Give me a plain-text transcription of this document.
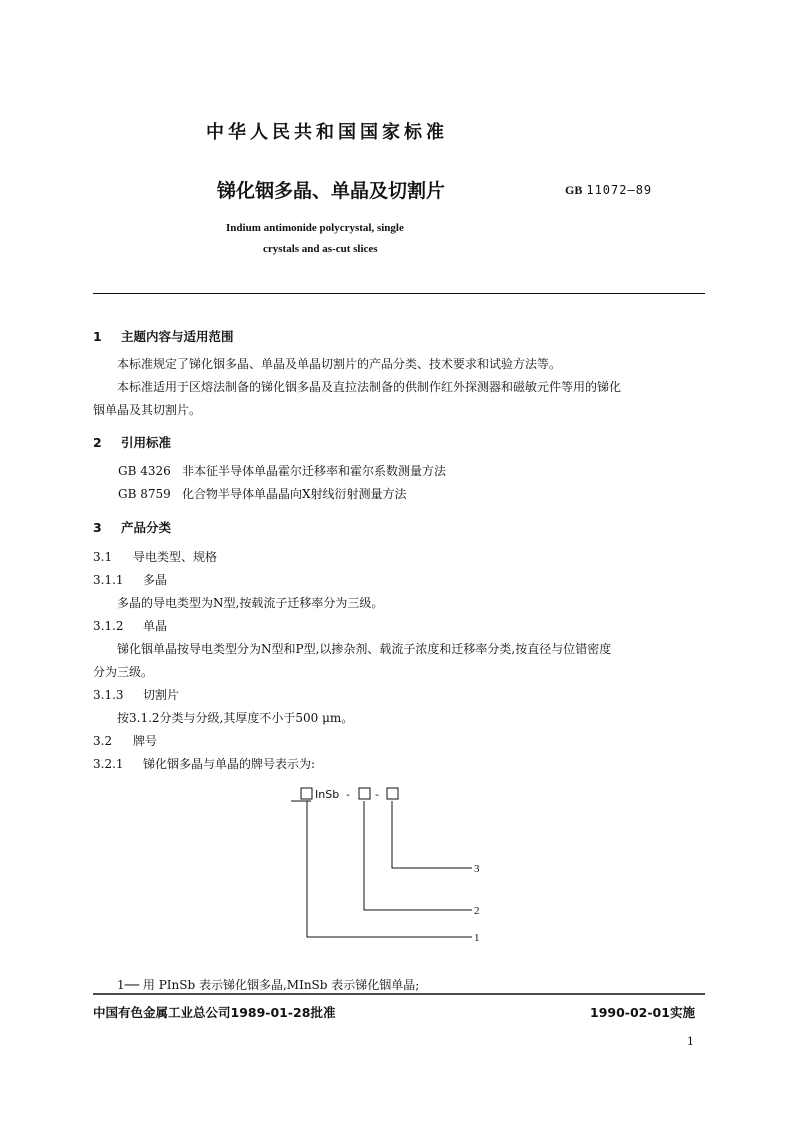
中华人民共和国国家标准
锑化铟多晶、单晶及切割片	GB 11072—89
Indium antimonide polycrystal, single
crystals and as-cut slices
1 主题内容与适用范围
本标准规定了锑化铟多晶、单晶及单晶切割片的产品分类、技术要求和试验方法等。
本标准适用于区熔法制备的锑化铟多晶及直拉法制备的供制作红外探测器和磁敏元件等用的锑化
铟单晶及其切割片。
2 引用标准
GB 4326 非本征半导体单晶霍尔迁移率和霍尔系数测量方法
GB 8759 化合物半导体单晶晶向X射线衍射测量方法
3 产品分类
3.1 导电类型、规格
3.1.1 多晶
多晶的导电类型为N型,按载流子迁移率分为三级。
3.1.2 单晶
锑化铟单晶按导电类型分为N型和P型,以掺杂剂、载流子浓度和迁移率分类,按直径与位错密度
分为三级。
3.1.3 切割片
按3.1.2分类与分级,其厚度不小于500 μm。
3.2 牌号
3.2.1 锑化铟多晶与单晶的牌号表示为:
InSb - -
3
2
1
1── 用 PInSb 表示锑化铟多晶,MInSb 表示锑化铟单晶;
中国有色金属工业总公司1989-01-28批准	1990-02-01实施
1
